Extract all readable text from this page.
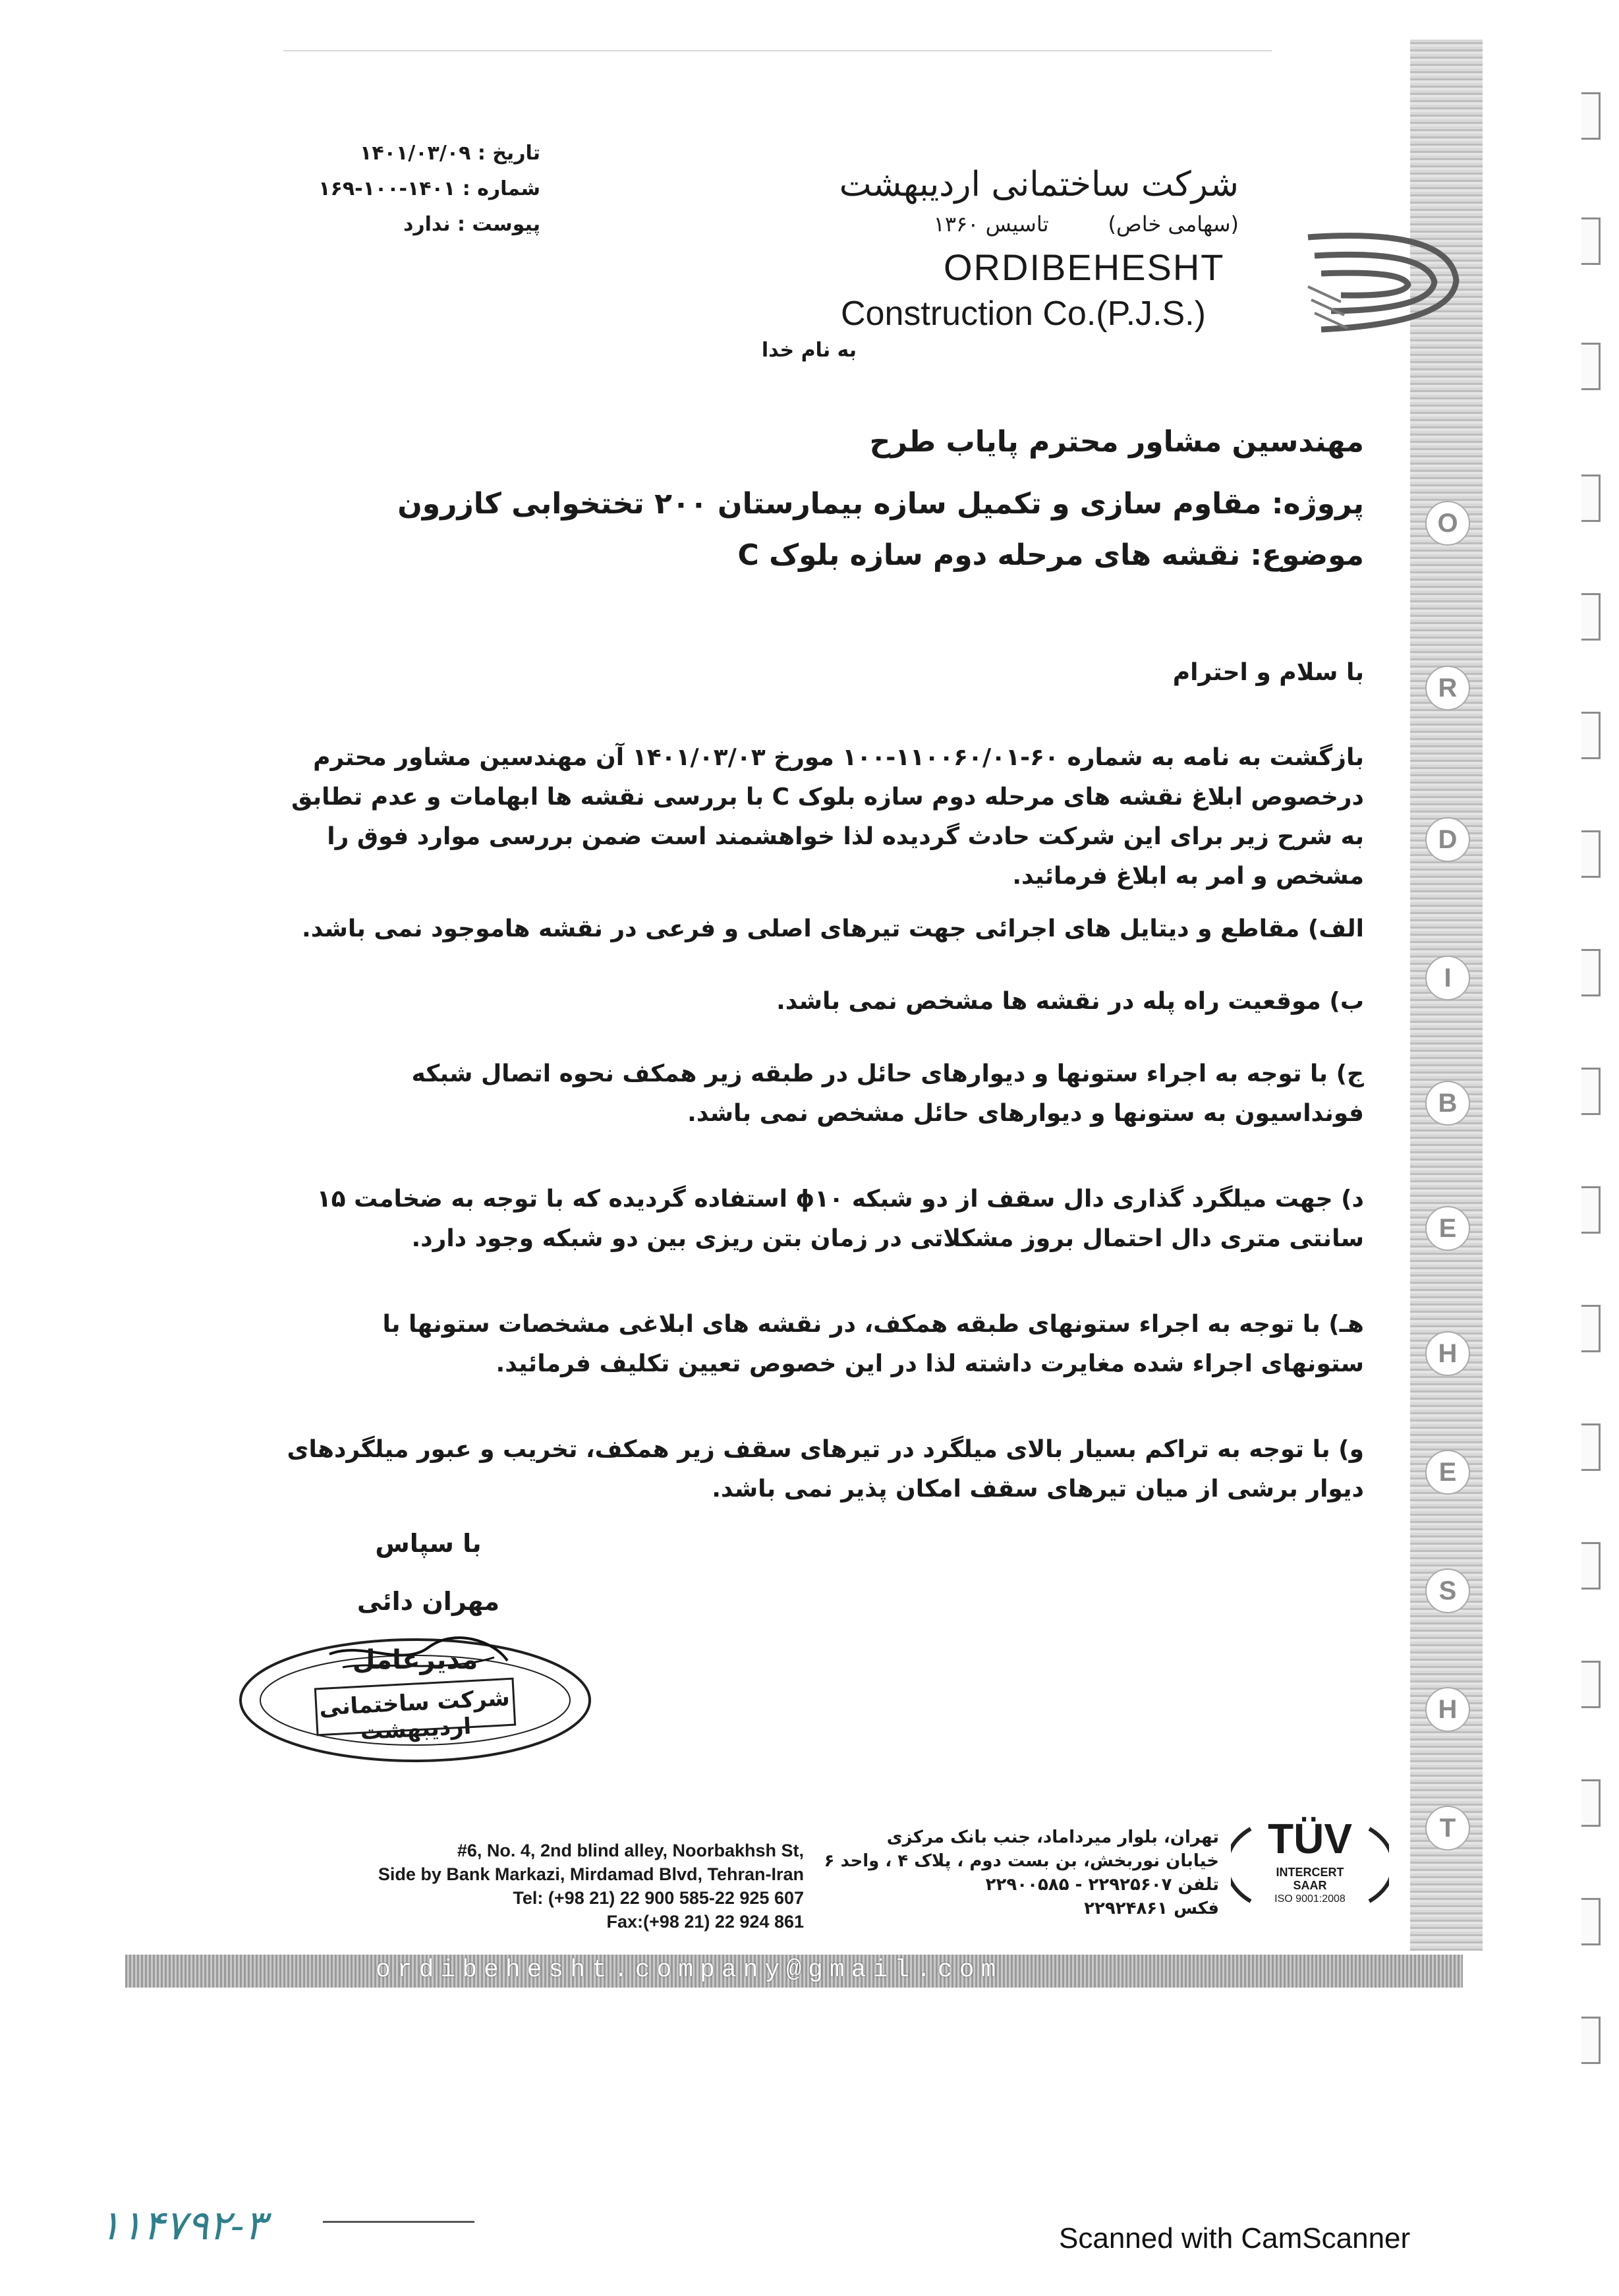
O
R
D
I
B
E
H
E
S
H
T
تاریخ : ۱۴۰۱/۰۳/۰۹
شماره : ۱۴۰۱-۱۰۰-۱۶۹
پیوست : ندارد
شرکت ساختمانی اردیبهشت
(سهامی خاص)تاسیس ۱۳۶۰
ORDIBEHESHT
Construction Co.(P.J.S.)
به نام خدا
مهندسین مشاور محترم پایاب طرح
پروژه: مقاوم سازی و تکمیل سازه بیمارستان ۲۰۰ تختخوابی کازرون
موضوع: نقشه های مرحله دوم سازه بلوک C
با سلام و احترام
بازگشت به نامه به شماره ۶۰-۱۱۰۰۶۰/۰۱-۱۰۰ مورخ ۱۴۰۱/۰۳/۰۳ آن مهندسین مشاور محترم درخصوص ابلاغ نقشه های مرحله دوم سازه بلوک C با بررسی نقشه ها ابهامات و عدم تطابق به شرح زیر برای این شرکت حادث گردیده لذا خواهشمند است ضمن بررسی موارد فوق را مشخص و امر به ابلاغ فرمائید.
الف) مقاطع و دیتایل های اجرائی جهت تیرهای اصلی و فرعی در نقشه هاموجود نمی باشد.
ب) موقعیت راه پله در نقشه ها مشخص نمی باشد.
ج) با توجه به اجراء ستونها و دیوارهای حائل در طبقه زیر همکف نحوه اتصال شبکه فونداسیون به ستونها و دیوارهای حائل مشخص نمی باشد.
د) جهت میلگرد گذاری دال سقف از دو شبکه ϕ۱۰ استفاده گردیده که با توجه به ضخامت ۱۵ سانتی متری دال احتمال بروز مشکلاتی در زمان بتن ریزی بین دو شبکه وجود دارد.
هـ) با توجه به اجراء ستونهای طبقه همکف، در نقشه های ابلاغی مشخصات ستونها با ستونهای اجراء شده مغایرت داشته لذا در این خصوص تعیین تکلیف فرمائید.
و) با توجه به تراکم بسیار بالای میلگرد در تیرهای سقف زیر همکف، تخریب و عبور میلگردهای دیوار برشی از میان تیرهای سقف امکان پذیر نمی باشد.
با سپاس
مهران دائی
مدیرعامل
شرکت ساختمانی اردیبهشت
TÜV
INTERCERT
SAAR
ISO 9001:2008
تهران، بلوار میرداماد، جنب بانک مرکزی
خیابان نوربخش، بن بست دوم ، پلاک ۴ ، واحد ۶
تلفن ۲۲۹۲۵۶۰۷ - ۲۲۹۰۰۵۸۵
فکس ۲۲۹۲۴۸۶۱
#6, No. 4, 2nd blind alley, Noorbakhsh St,
Side by Bank Markazi, Mirdamad Blvd, Tehran-Iran
Tel: (+98 21) 22 900 585-22 925 607
Fax:(+98 21) 22 924 861
ordibehesht.company@gmail.com
۱۱۴۷۹۲-۳	Scanned with CamScanner
